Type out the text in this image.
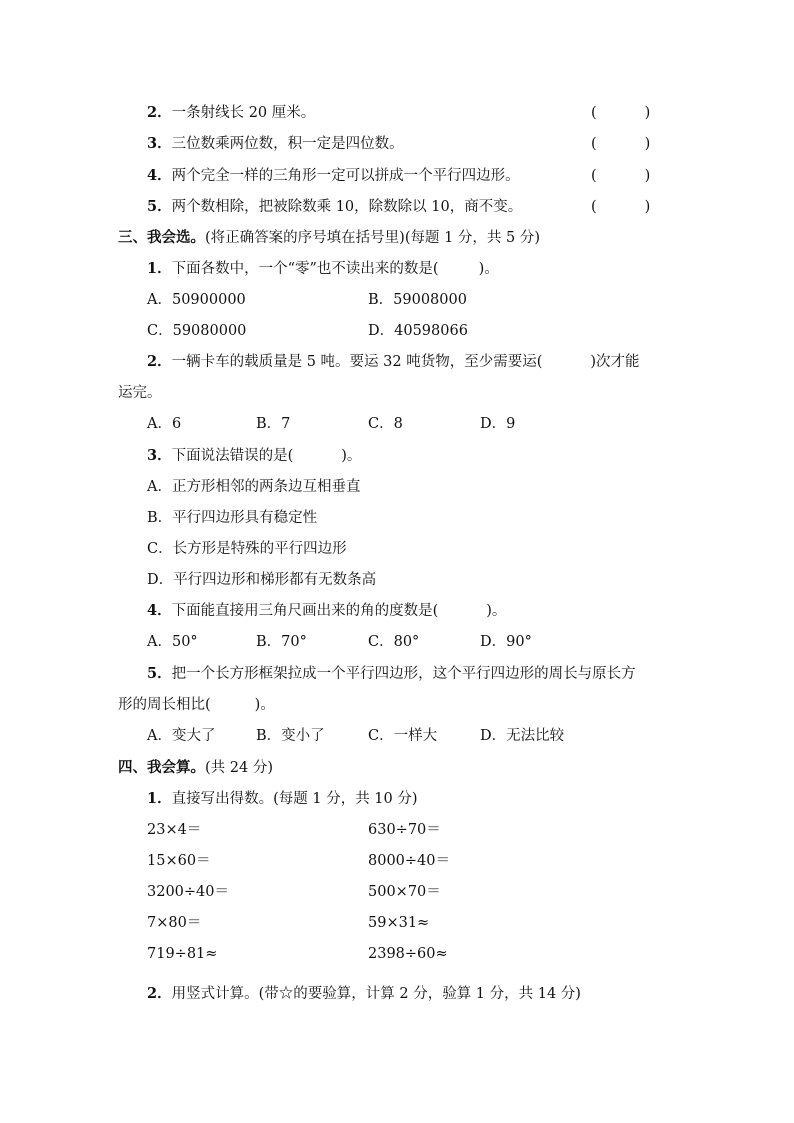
2．一条射线长 20 厘米。	(	)
3．三位数乘两位数，积一定是四位数。	(	)
4．两个完全一样的三角形一定可以拼成一个平行四边形。	(	)
5．两个数相除，把被除数乘 10，除数除以 10，商不变。	(	)
三、我会选。(将正确答案的序号填在括号里)(每题 1 分，共 5 分)
1．下面各数中，一个“零”也不读出来的数是(	)。
A．50900000	B．59008000
C．59080000	D．40598066
2．一辆卡车的载质量是 5 吨。要运 32 吨货物，至少需要运(	)次才能
运完。
A．6	B．7	C．8	D．9
3．下面说法错误的是(	)。
A．正方形相邻的两条边互相垂直
B．平行四边形具有稳定性
C．长方形是特殊的平行四边形
D．平行四边形和梯形都有无数条高
4．下面能直接用三角尺画出来的角的度数是(	)。
A．50°	B．70°	C．80°	D．90°
5．把一个长方形框架拉成一个平行四边形，这个平行四边形的周长与原长方
形的周长相比(	)。
A．变大了	B．变小了	C．一样大	D．无法比较
四、我会算。(共 24 分)
1．直接写出得数。(每题 1 分，共 10 分)
23×4＝	630÷70＝
15×60＝	8000÷40＝
3200÷40＝	500×70＝
7×80＝	59×31≈
719÷81≈	2398÷60≈
2．用竖式计算。(带☆的要验算，计算 2 分，验算 1 分，共 14 分)
